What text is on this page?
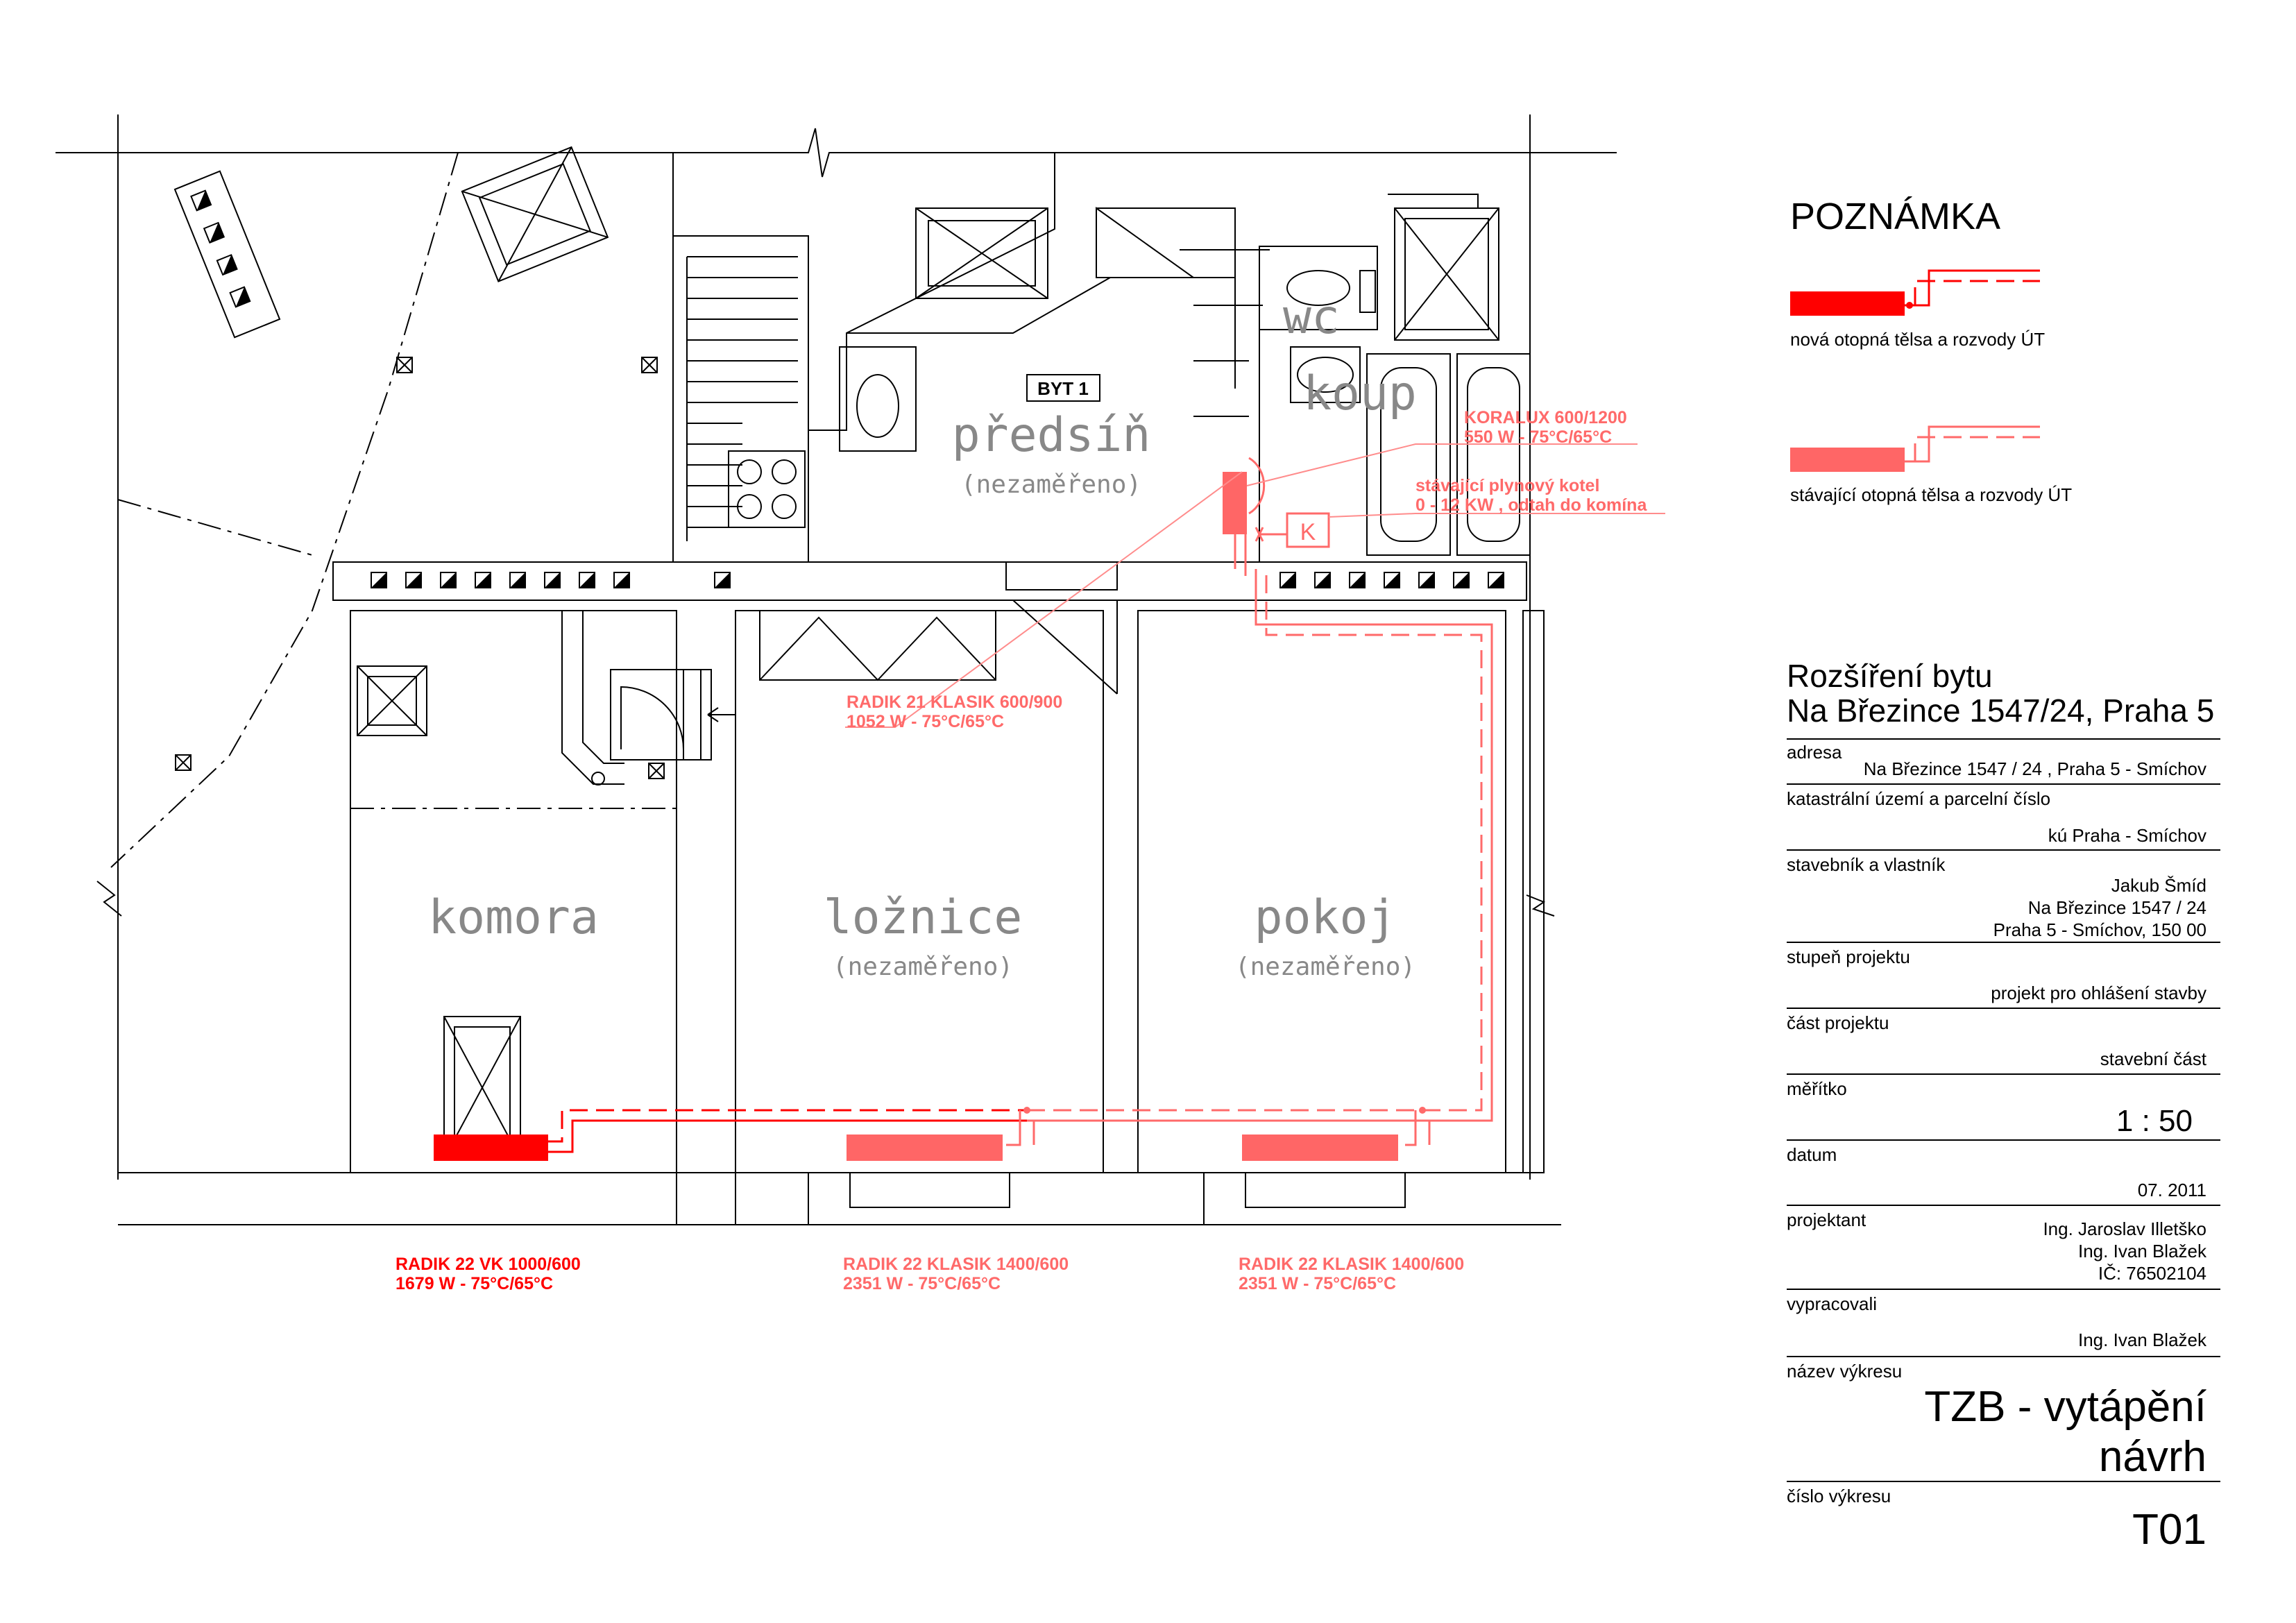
předsíň
(nezaměřeno)
wc
koup
komora	ložnice
(nezaměřeno)
pokoj
(nezaměřeno)
BYT 1
K
KORALUX 600/1200
550 W - 75°C/65°C
stávající plynový kotel
0 - 12 KW , odtah do komína
RADIK 21 KLASIK 600/900
1052 W - 75°C/65°C
RADIK 22 VK 1000/600
1679 W - 75°C/65°C
RADIK 22 KLASIK 1400/600
2351 W - 75°C/65°C
RADIK 22 KLASIK 1400/600
2351 W - 75°C/65°C
POZNÁMKA
nová otopná tělsa a rozvody ÚT
stávající otopná tělsa a rozvody ÚT
Rozšíření bytu
Na Březince 1547/24, Praha 5
adresa
Na Březince 1547 / 24 , Praha 5 - Smíchov
katastrální území a parcelní číslo
kú Praha - Smíchov
stavebník a vlastník
Jakub Šmíd
Na Březince 1547 / 24
Praha 5 - Smíchov, 150 00
stupeň projektu
projekt pro ohlášení stavby
část projektu
stavební část
měřítko
1 : 50
datum
07. 2011
projektant	Ing. Jaroslav Illetško
Ing. Ivan Blažek
IČ: 76502104
vypracovali
Ing. Ivan Blažek
název výkresu
TZB - vytápění
návrh
číslo výkresu
T01
